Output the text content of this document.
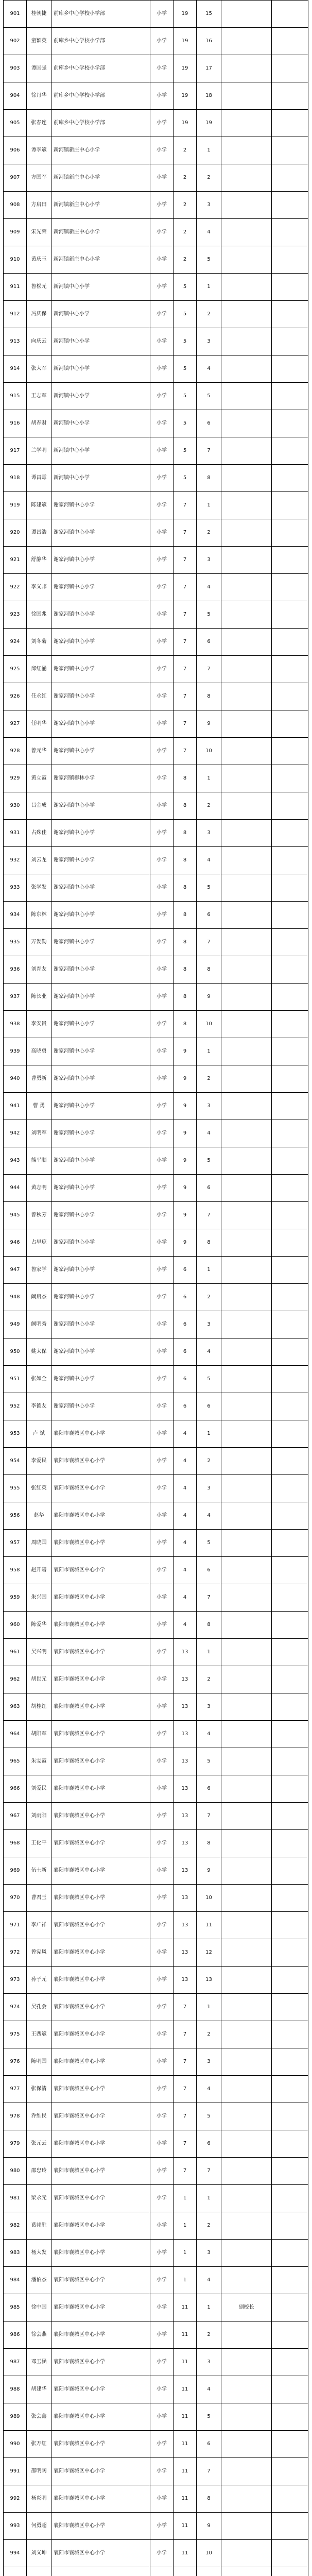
901	桂朝捷	前库乡中心学校小学部	小学	19	15		
902	童颖英	前库乡中心学校小学部	小学	19	16		
903	谭国强	前库乡中心学校小学部	小学	19	17		
904	徐丹华	前库乡中心学校小学部	小学	19	18		
905	张春连	前库乡中心学校小学部	小学	19	19		
906	谭李斌	新河镇新庄中心小学	小学	2	1		
907	方国军	新河镇新庄中心小学	小学	2	2		
908	方启田	新河镇新庄中心小学	小学	2	3		
909	宋先荣	新河镇新庄中心小学	小学	2	4		
910	黄庆玉	新河镇新庄中心小学	小学	2	5		
911	鲁松元	新河镇中心小学	小学	5	1		
912	冯庆保	新河镇中心小学	小学	5	2		
913	向庆云	新河镇中心小学	小学	5	3		
914	张大军	新河镇中心小学	小学	5	4		
915	王志军	新河镇中心小学	小学	5	5		
916	胡春财	新河镇中心小学	小学	5	6		
917	兰学明	新河镇中心小学	小学	5	7		
918	谭昌霉	新河镇中心小学	小学	5	8		
919	陈建斌	谢家河镇中心小学	小学	7	1		
920	谭昌浩	谢家河镇中心小学	小学	7	2		
921	舒静华	谢家河镇中心小学	小学	7	3		
922	李义邦	谢家河镇中心小学	小学	7	4		
923	徐国兆	谢家河镇中心小学	小学	7	5		
924	刘冬菊	谢家河镇中心小学	小学	7	6		
925	邱红涌	谢家河镇中心小学	小学	7	7		
926	任永红	谢家河镇中心小学	小学	7	8		
927	任明华	谢家河镇中心小学	小学	7	9		
928	曾元华	谢家河镇中心小学	小学	7	10		
929	黄立霞	谢家河镇柳林小学	小学	8	1		
930	吕金成	谢家河镇中心小学	小学	8	2		
931	占殊佳	谢家河镇中心小学	小学	8	3		
932	刘云龙	谢家河镇中心小学	小学	8	4		
933	张学发	谢家河镇中心小学	小学	8	5		
934	陈东林	谢家河镇中心小学	小学	8	6		
935	万发勤	谢家河镇中心小学	小学	8	7		
936	刘育友	谢家河镇中心小学	小学	8	8		
937	陈长业	谢家河镇中心小学	小学	8	9		
938	李安贵	谢家河镇中心小学	小学	8	10		
939	高晓勇	谢家河镇中心小学	小学	9	1		
940	曹勇新	谢家河镇中心小学	小学	9	2		
941	曹 勇	谢家河镇中心小学	小学	9	3		
942	刘明军	谢家河镇中心小学	小学	9	4		
943	熊平顺	谢家河镇中心小学	小学	9	5		
944	黄志明	谢家河镇中心小学	小学	9	6		
945	曾秋芳	谢家河镇中心小学	小学	9	7		
946	占早琼	谢家河镇中心小学	小学	9	8		
947	鲁家学	谢家河镇中心小学	小学	6	1		
948	阚启杰	谢家河镇中心小学	小学	6	2		
949	阙明秀	谢家河镇中心小学	小学	6	3		
950	姚太保	谢家河镇中心小学	小学	6	4		
951	张如全	谢家河镇中心小学	小学	6	5		
952	李德友	谢家河镇中心小学	小学	6	6		
953	卢 斌	襄阳市襄城区中心小学	小学	4	1		
954	李爱民	襄阳市襄城区中心小学	小学	4	2		
955	张红英	襄阳市襄城区中心小学	小学	4	3		
956	赵华	襄阳市襄城区中心小学	小学	4	4		
957	周晓国	襄阳市襄城区中心小学	小学	4	5		
958	赵开碧	襄阳市襄城区中心小学	小学	4	6		
959	朱兴国	襄阳市襄城区中心小学	小学	4	7		
960	陈爱华	襄阳市襄城区中心小学	小学	4	8		
961	吴兴明	襄阳市襄城区中心小学	小学	13	1		
962	胡世元	襄阳市襄城区中心小学	小学	13	2		
963	胡桂红	襄阳市襄城区中心小学	小学	13	3		
964	胡阳军	襄阳市襄城区中心小学	小学	13	4		
965	朱雯霞	襄阳市襄城区中心小学	小学	13	5		
966	刘爱民	襄阳市襄城区中心小学	小学	13	6		
967	刘雨阳	襄阳市襄城区中心小学	小学	13	7		
968	王化平	襄阳市襄城区中心小学	小学	13	8		
969	伍士新	襄阳市襄城区中心小学	小学	13	9		
970	曹君玉	襄阳市襄城区中心小学	小学	13	10		
971	李广祥	襄阳市襄城区中心小学	小学	13	11		
972	曾宪风	襄阳市襄城区中心小学	小学	13	12		
973	孙子元	襄阳市襄城区中心小学	小学	13	13		
974	吴孔会	襄阳市襄城区中心小学	小学	7	1		
975	王西斌	襄阳市襄城区中心小学	小学	7	2		
976	陈明国	襄阳市襄城区中心小学	小学	7	3		
977	张保清	襄阳市襄城区中心小学	小学	7	4		
978	乔维民	襄阳市襄城区中心小学	小学	7	5		
979	张元云	襄阳市襄城区中心小学	小学	7	6		
980	邵忠玲	襄阳市襄城区中心小学	小学	7	7		
981	梁永元	襄阳市襄城区中心小学	小学	1	1		
982	葛邦胜	襄阳市襄城区中心小学	小学	1	2		
983	杨大发	襄阳市襄城区中心小学	小学	1	3		
984	潘伯杰	襄阳市襄城区中心小学	小学	1	4		
985	徐中国	襄阳市襄城区中心小学	小学	11	1	副校长	
986	徐会燕	襄阳市襄城区中心小学	小学	11	2		
987	邓玉涵	襄阳市襄城区中心小学	小学	11	3		
988	胡建华	襄阳市襄城区中心小学	小学	11	4		
989	张会鑫	襄阳市襄城区中心小学	小学	11	5		
990	张万红	襄阳市襄城区中心小学	小学	11	6		
991	邵明阔	襄阳市襄城区中心小学	小学	11	7		
992	杨炎明	襄阳市襄城区中心小学	小学	11	8		
993	何勇超	襄阳市襄城区中心小学	小学	11	9		
994	刘义坤	襄阳市襄城区中心小学	小学	11	10		
